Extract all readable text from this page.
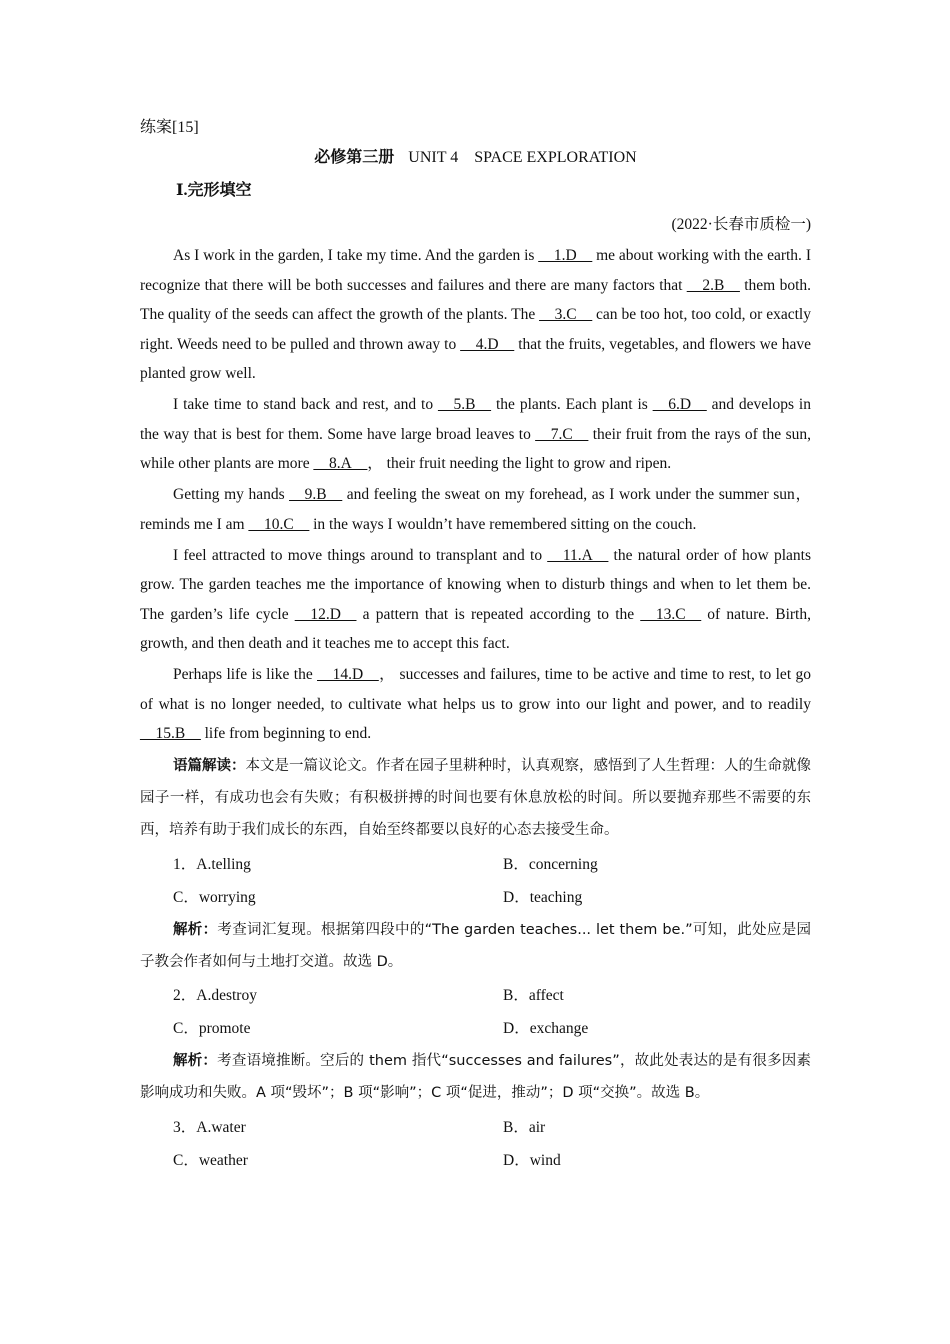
练案[15]
必修第三册 UNIT 4    SPACE EXPLORATION
Ⅰ.完形填空
(2022·长春市质检一)

As I work in the garden, I take my time. And the garden is __1.D__ me about working with the earth. I recognize that there will be both successes and failures and there are many factors that __2.B__ them both. The quality of the seeds can affect the growth of the plants. The __3.C__ can be too hot, too cold, or exactly right. Weeds need to be pulled and thrown away to __4.D__ that the fruits, vegetables, and flowers we have planted grow well.

I take time to stand back and rest, and to __5.B__ the plants. Each plant is __6.D__ and develops in the way that is best for them. Some have large broad leaves to __7.C__ their fruit from the rays of the sun, while other plants are more __8.A__， their fruit needing the light to grow and ripen.

Getting my hands __9.B__ and feeling the sweat on my forehead, as I work under the summer sun，reminds me I am __10.C__ in the ways I wouldn’t have remembered sitting on the couch.

I feel attracted to move things around to transplant and to __11.A__ the natural order of how plants grow. The garden teaches me the importance of knowing when to disturb things and when to let them be. The garden’s life cycle __12.D__ a pattern that is repeated according to the __13.C__ of nature. Birth, growth, and then death and it teaches me to accept this fact.

Perhaps life is like the __14.D__， successes and failures, time to be active and time to rest, to let go of what is no longer needed, to cultivate what helps us to grow into our light and power, and to readily __15.B__ life from beginning to end.

语篇解读：本文是一篇议论文。作者在园子里耕种时，认真观察，感悟到了人生哲理：人的生命就像园子一样，有成功也会有失败；有积极拼搏的时间也要有休息放松的时间。所以要抛弃那些不需要的东西，培养有助于我们成长的东西，自始至终都要以良好的心态去接受生命。

1．A.telling	B．concerning
C．worrying	D．teaching

解析：考查词汇复现。根据第四段中的“The garden teaches... let them be.”可知，此处应是园子教会作者如何与土地打交道。故选 D。

2．A.destroy	B．affect
C．promote	D．exchange

解析：考查语境推断。空后的 them 指代“successes and failures”，故此处表达的是有很多因素影响成功和失败。A 项“毁坏”；B 项“影响”；C 项“促进，推动”；D 项“交换”。故选 B。

3．A.water	B．air
C．weather	D．wind
